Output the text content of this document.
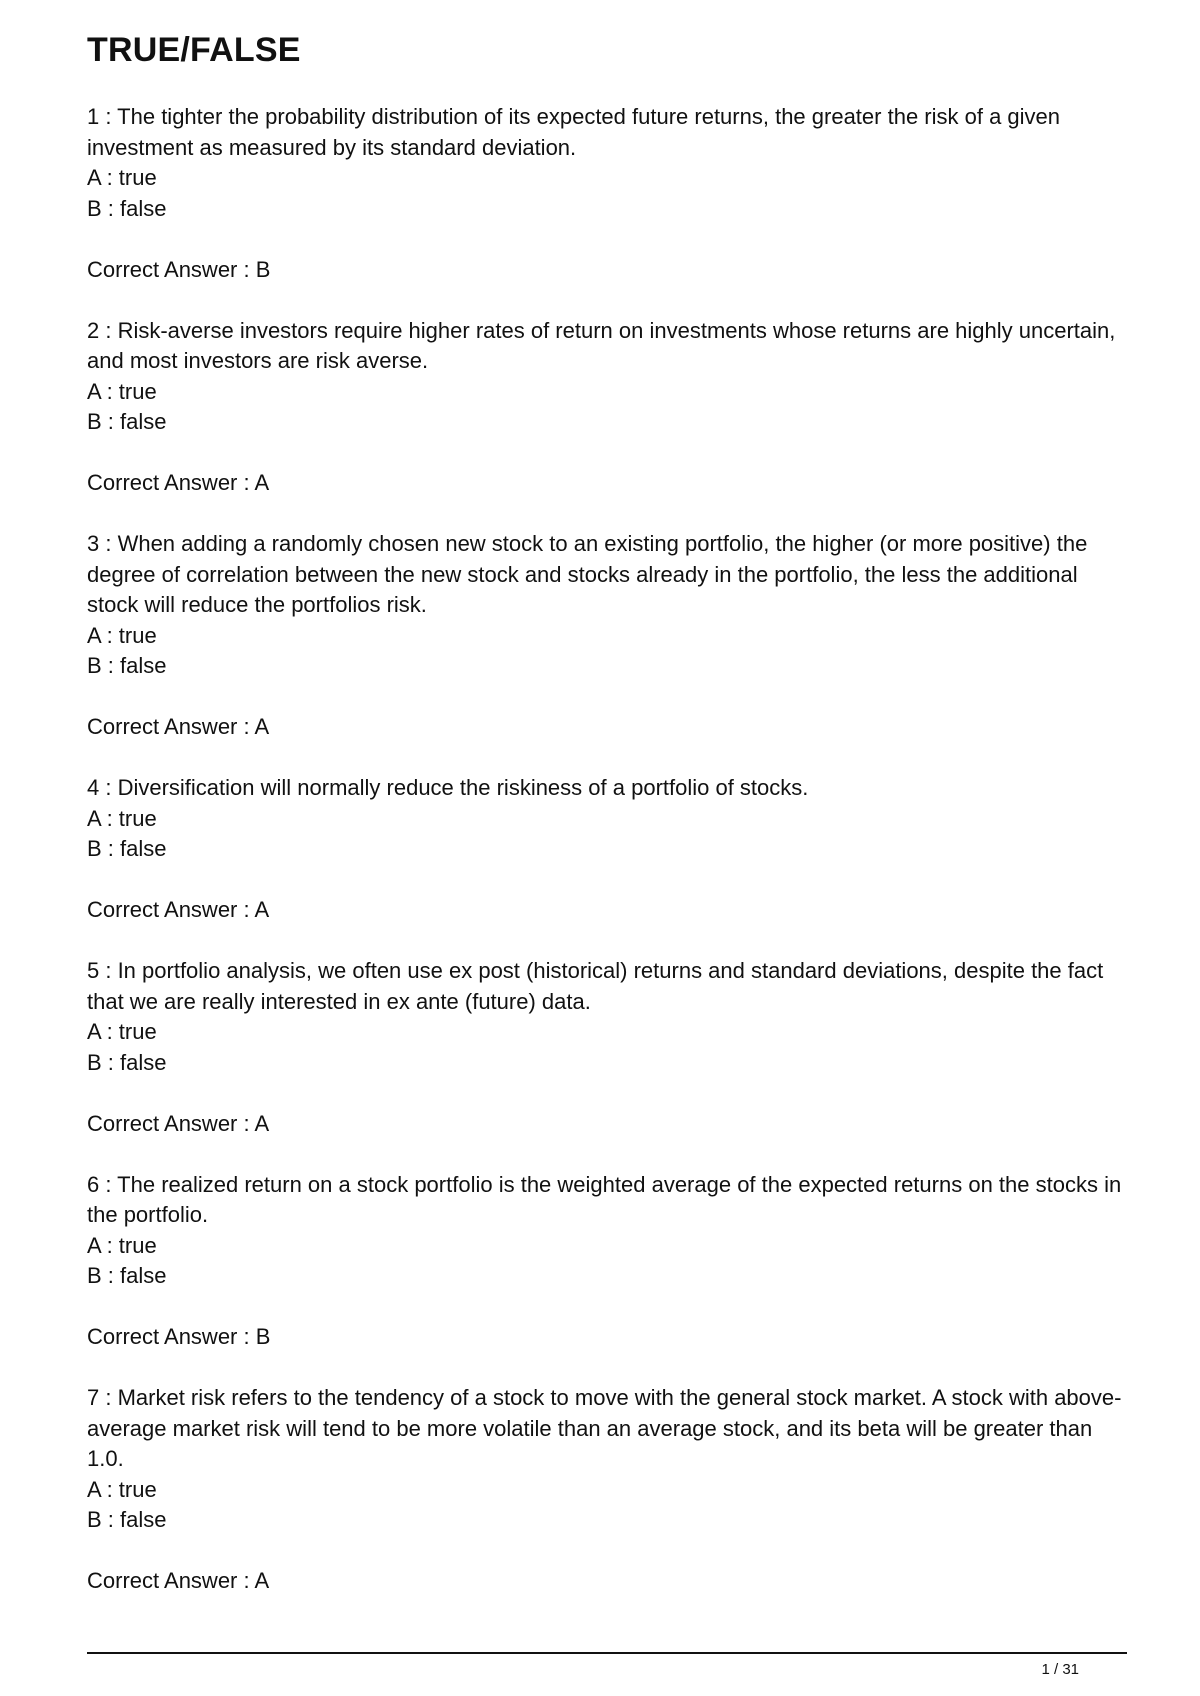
TRUE/FALSE

1 : The tighter the probability distribution of its expected future returns, the greater the risk of a given investment as measured by its standard deviation.

A : true

B : false

Correct Answer : B

2 : Risk-averse investors require higher rates of return on investments whose returns are highly uncertain, and most investors are risk averse.

A : true

B : false

Correct Answer : A

3 : When adding a randomly chosen new stock to an existing portfolio, the higher (or more positive) the degree of correlation between the new stock and stocks already in the portfolio, the less the additional stock will reduce the portfolios risk.

A : true

B : false

Correct Answer : A

4 : Diversification will normally reduce the riskiness of a portfolio of stocks.

A : true

B : false

Correct Answer : A

5 : In portfolio analysis, we often use ex post (historical) returns and standard deviations, despite the fact that we are really interested in ex ante (future) data.

A : true

B : false

Correct Answer : A

6 : The realized return on a stock portfolio is the weighted average of the expected returns on the stocks in the portfolio.

A : true

B : false

Correct Answer : B

7 : Market risk refers to the tendency of a stock to move with the general stock market. A stock with above-average market risk will tend to be more volatile than an average stock, and its beta will be greater than 1.0.

A : true

B : false

Correct Answer : A

1 / 31
